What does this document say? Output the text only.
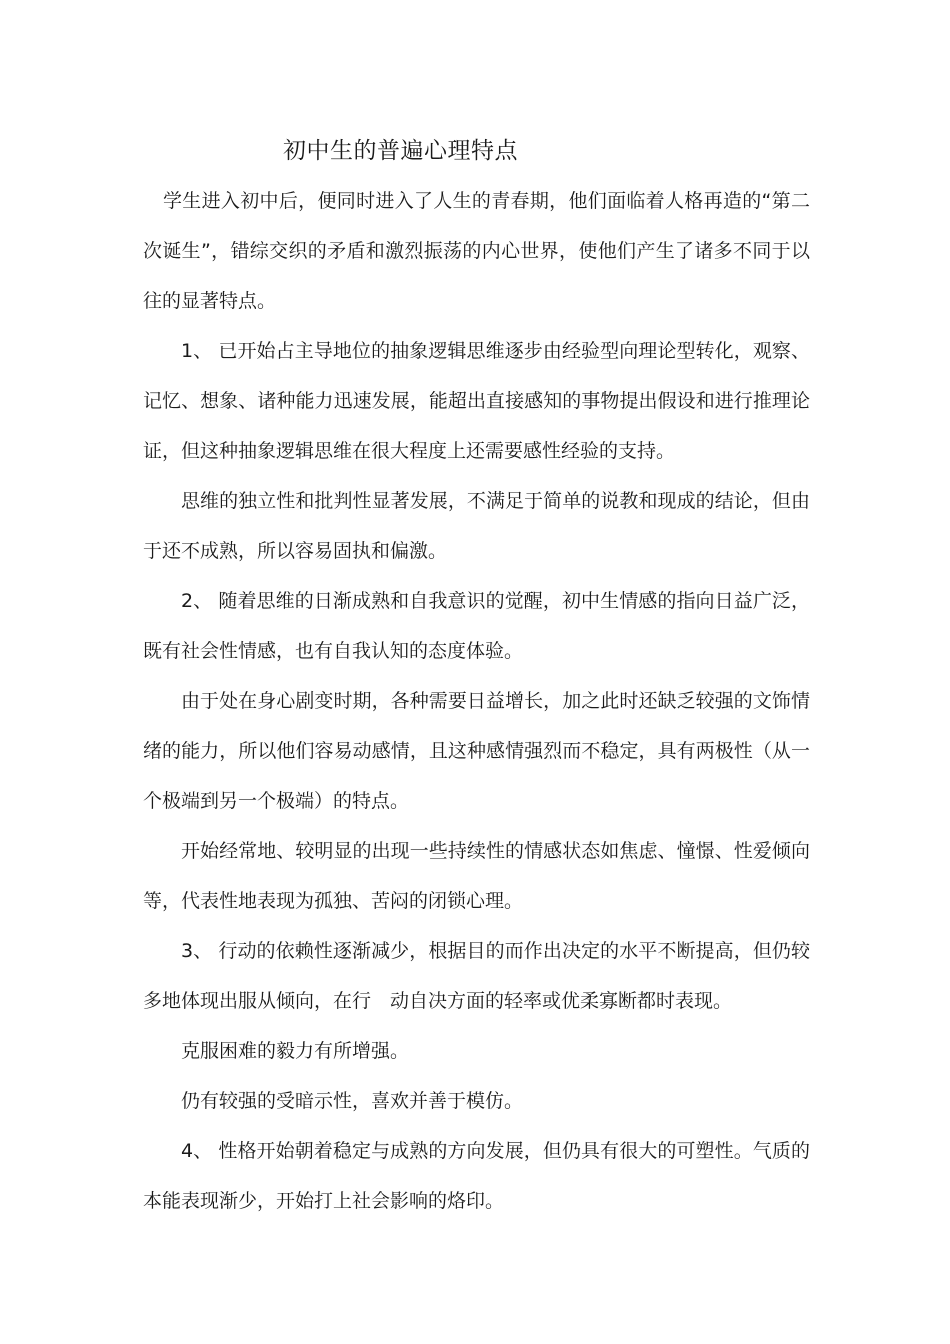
初中生的普遍心理特点

学生进入初中后，便同时进入了人生的青春期，他们面临着人格再造的“第二次诞生”，错综交织的矛盾和激烈振荡的内心世界，使他们产生了诸多不同于以往的显著特点。

1、 已开始占主导地位的抽象逻辑思维逐步由经验型向理论型转化，观察、记忆、想象、诸种能力迅速发展，能超出直接感知的事物提出假设和进行推理论证，但这种抽象逻辑思维在很大程度上还需要感性经验的支持。

思维的独立性和批判性显著发展，不满足于简单的说教和现成的结论，但由于还不成熟，所以容易固执和偏激。

2、 随着思维的日渐成熟和自我意识的觉醒，初中生情感的指向日益广泛，既有社会性情感，也有自我认知的态度体验。

由于处在身心剧变时期，各种需要日益增长，加之此时还缺乏较强的文饰情绪的能力，所以他们容易动感情，且这种感情强烈而不稳定，具有两极性（从一个极端到另一个极端）的特点。

开始经常地、较明显的出现一些持续性的情感状态如焦虑、憧憬、性爱倾向等，代表性地表现为孤独、苦闷的闭锁心理。

3、 行动的依赖性逐渐减少，根据目的而作出决定的水平不断提高，但仍较多地体现出服从倾向，在行　动自决方面的轻率或优柔寡断都时表现。

克服困难的毅力有所增强。

仍有较强的受暗示性，喜欢并善于模仿。

4、 性格开始朝着稳定与成熟的方向发展，但仍具有很大的可塑性。气质的本能表现渐少，开始打上社会影响的烙印。
